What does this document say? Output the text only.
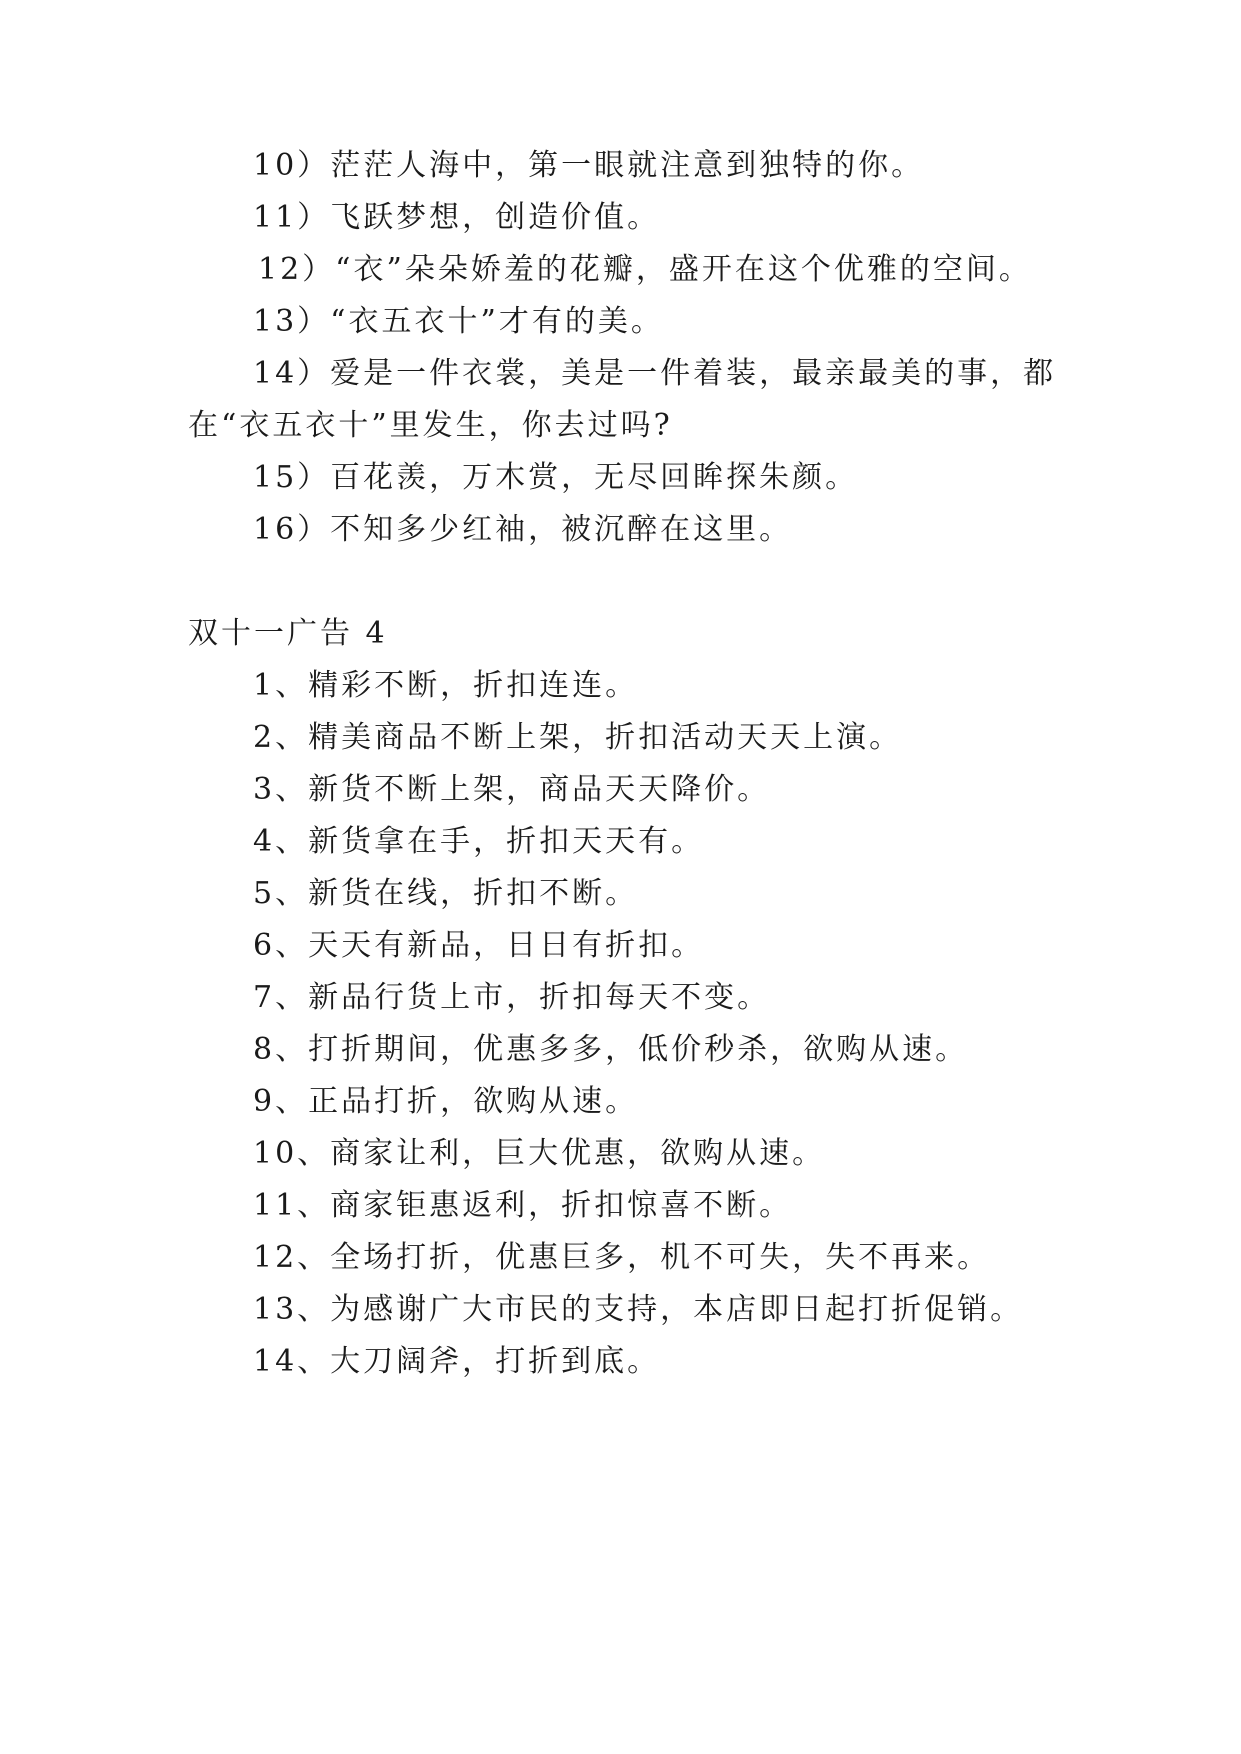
10）茫茫人海中，第一眼就注意到独特的你。
11）飞跃梦想，创造价值。
12）“衣”朵朵娇羞的花瓣，盛开在这个优雅的空间。
13）“衣五衣十”才有的美。
14）爱是一件衣裳，美是一件着装，最亲最美的事，都
在“衣五衣十”里发生，你去过吗?
15）百花羡，万木赏，无尽回眸探朱颜。
16）不知多少红袖，被沉醉在这里。
双十一广告 4
1、精彩不断，折扣连连。
2、精美商品不断上架，折扣活动天天上演。
3、新货不断上架，商品天天降价。
4、新货拿在手，折扣天天有。
5、新货在线，折扣不断。
6、天天有新品，日日有折扣。
7、新品行货上市，折扣每天不变。
8、打折期间，优惠多多，低价秒杀，欲购从速。
9、正品打折，欲购从速。
10、商家让利，巨大优惠，欲购从速。
11、商家钜惠返利，折扣惊喜不断。
12、全场打折，优惠巨多，机不可失，失不再来。
13、为感谢广大市民的支持，本店即日起打折促销。
14、大刀阔斧，打折到底。
